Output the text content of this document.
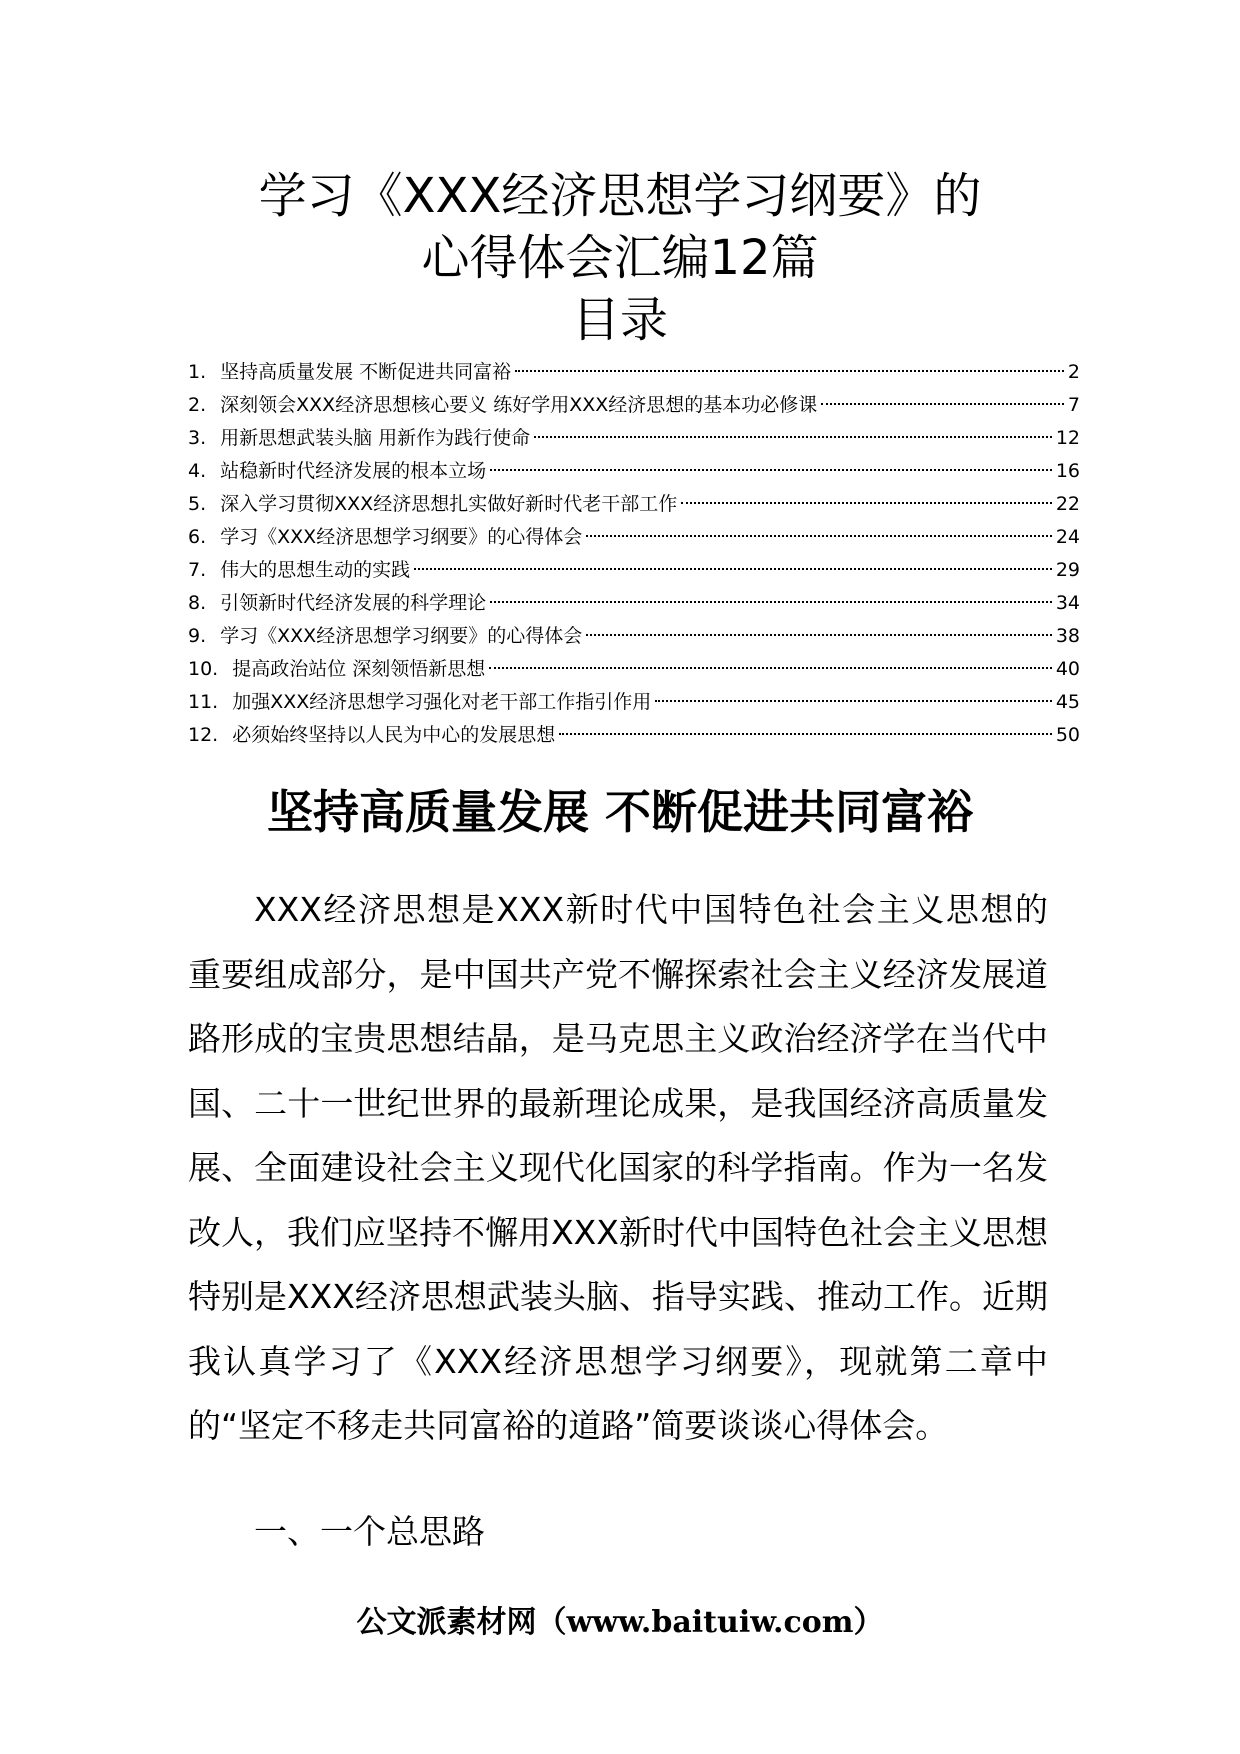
学习《XXX经济思想学习纲要》的
心得体会汇编12篇
目录
1. 坚持高质量发展 不断促进共同富裕	2
2. 深刻领会XXX经济思想核心要义 练好学用XXX经济思想的基本功必修课	7
3. 用新思想武装头脑 用新作为践行使命	12
4. 站稳新时代经济发展的根本立场	16
5. 深入学习贯彻XXX经济思想扎实做好新时代老干部工作	22
6. 学习《XXX经济思想学习纲要》的心得体会	24
7. 伟大的思想生动的实践	29
8. 引领新时代经济发展的科学理论	34
9. 学习《XXX经济思想学习纲要》的心得体会	38
10. 提高政治站位 深刻领悟新思想	40
11. 加强XXX经济思想学习强化对老干部工作指引作用	45
12. 必须始终坚持以人民为中心的发展思想	50
坚持高质量发展 不断促进共同富裕

XXX经济思想是XXX新时代中国特色社会主义思想的重要组成部分，是中国共产党不懈探索社会主义经济发展道路形成的宝贵思想结晶，是马克思主义政治经济学在当代中国、二十一世纪世界的最新理论成果，是我国经济高质量发展、全面建设社会主义现代化国家的科学指南。作为一名发改人，我们应坚持不懈用XXX新时代中国特色社会主义思想特别是XXX经济思想武装头脑、指导实践、推动工作。近期我认真学习了《XXX经济思想学习纲要》，现就第二章中的“坚定不移走共同富裕的道路”简要谈谈心得体会。

一、一个总思路
公文派素材网（www.baituiw.com）
